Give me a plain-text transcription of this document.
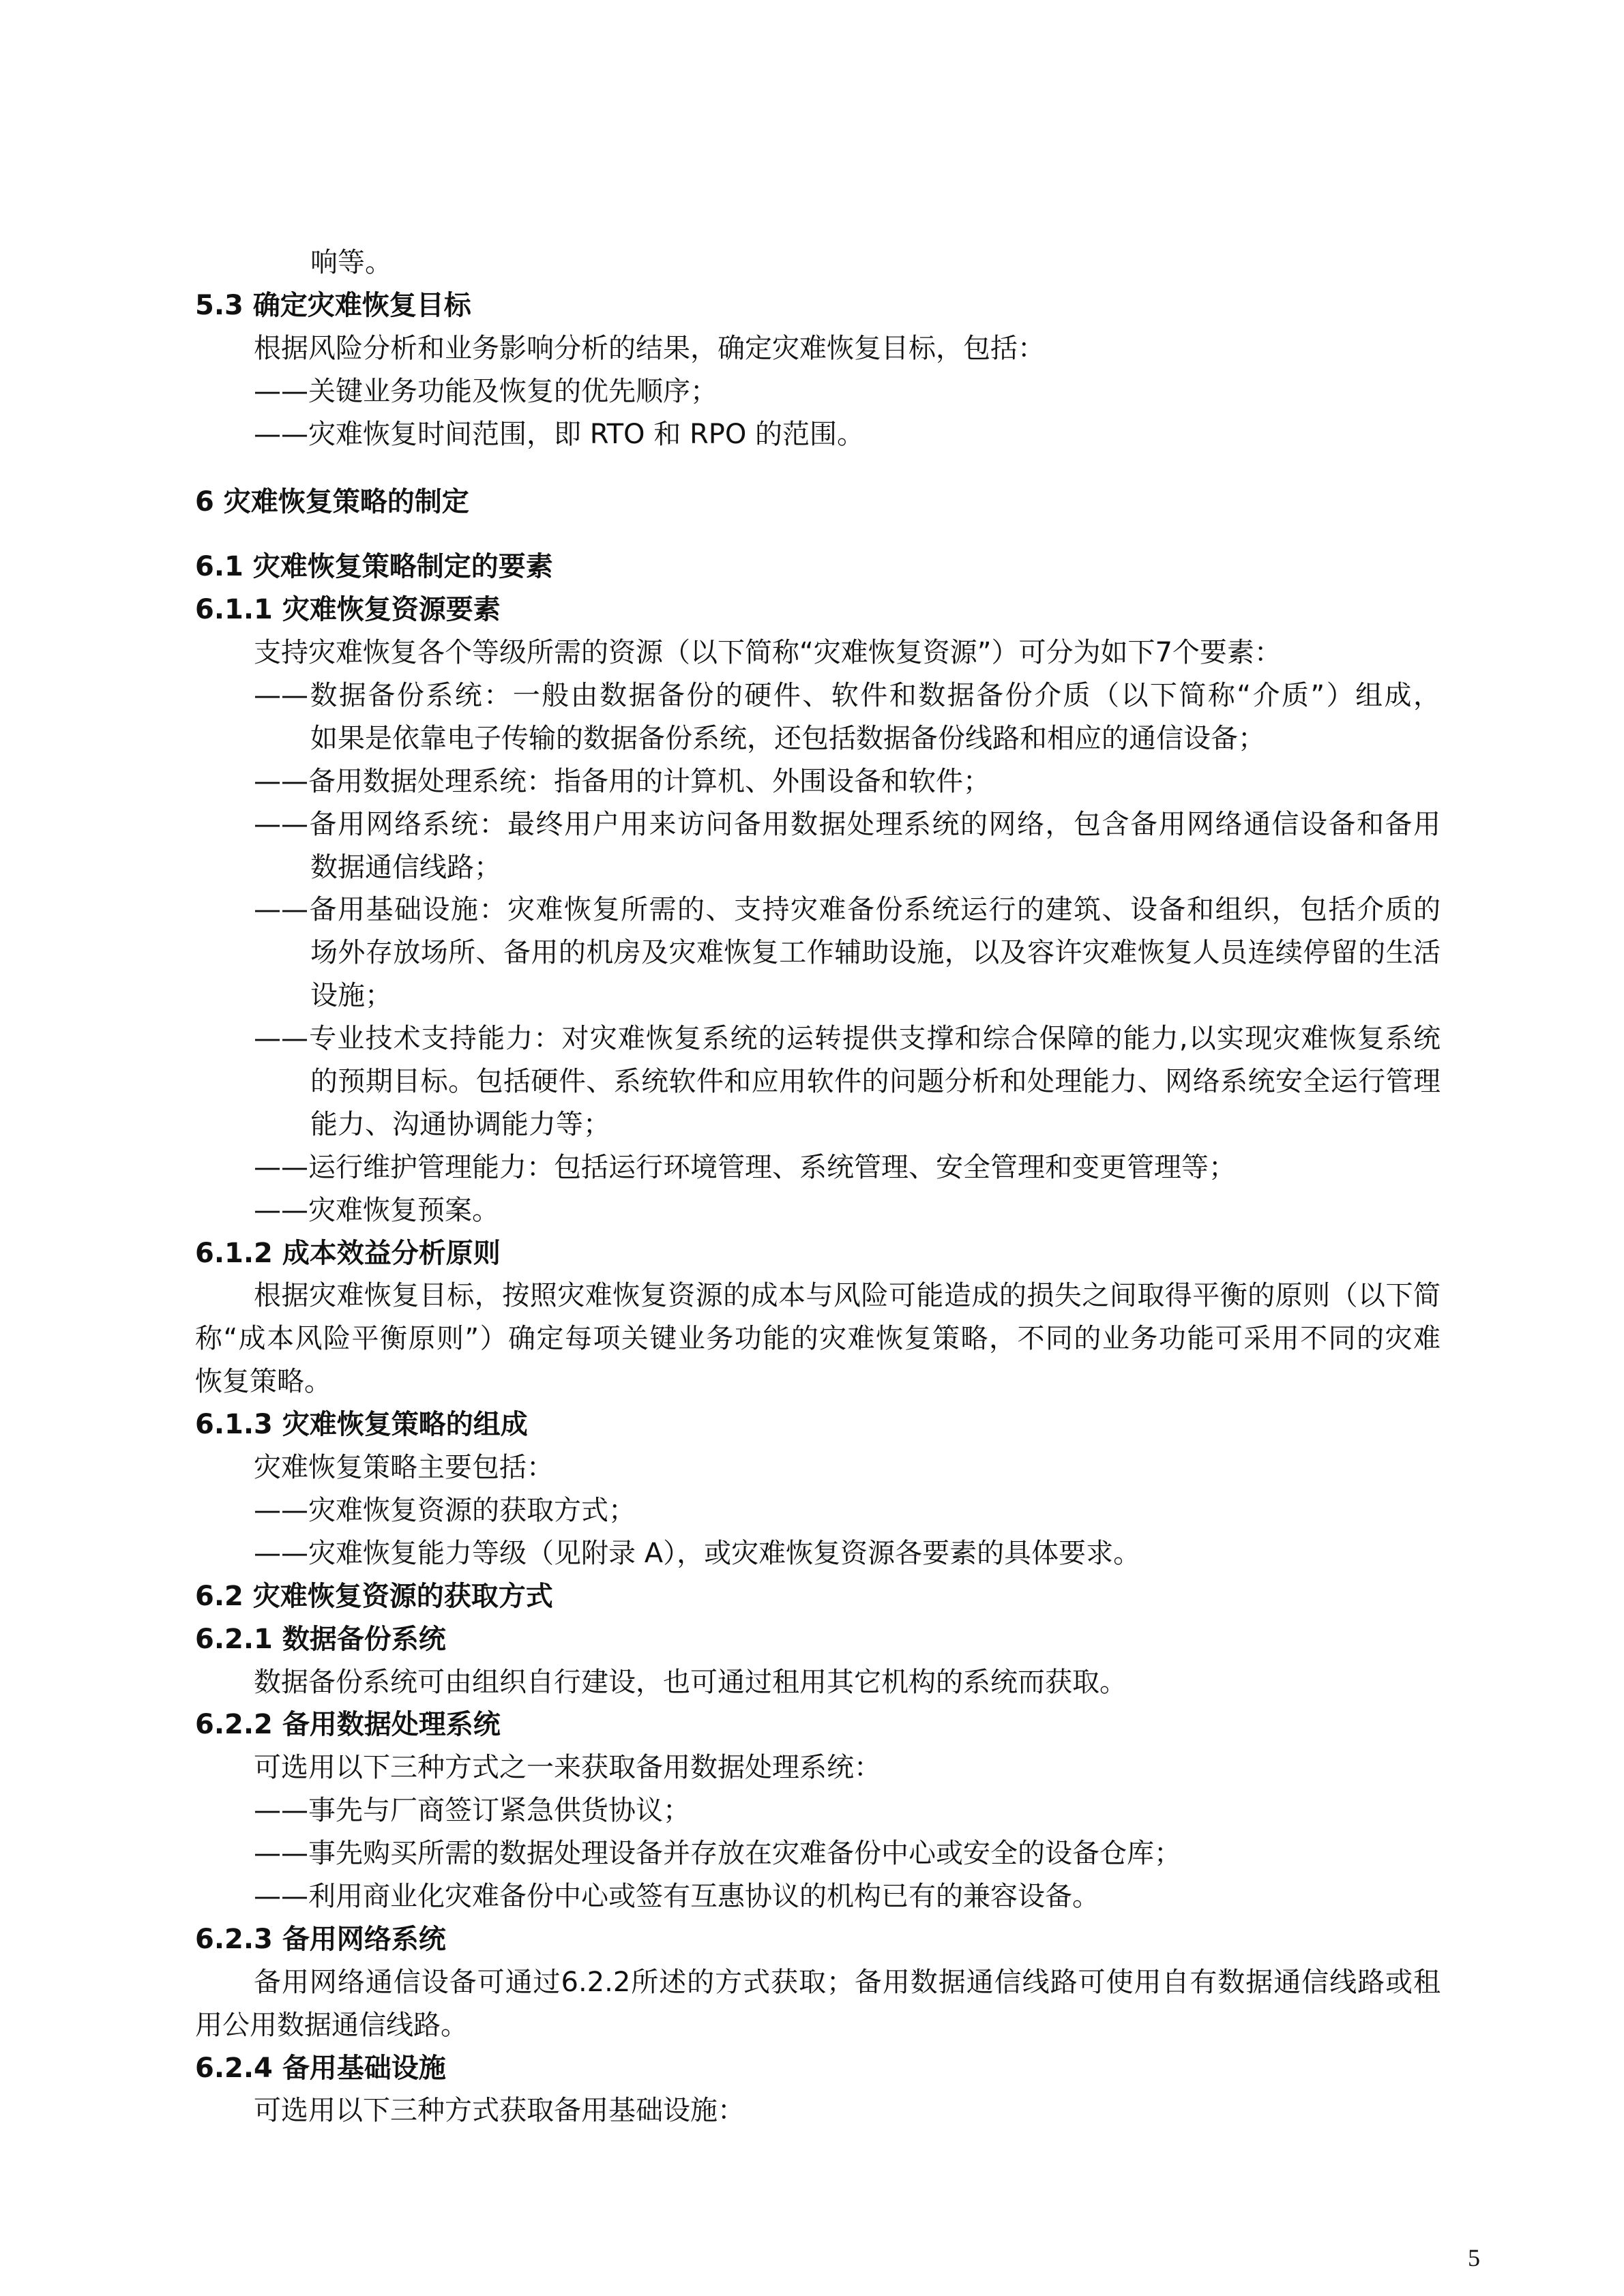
响等。
5.3 确定灾难恢复目标
根据风险分析和业务影响分析的结果，确定灾难恢复目标，包括：
——关键业务功能及恢复的优先顺序；
——灾难恢复时间范围，即 RTO 和 RPO 的范围。
6 灾难恢复策略的制定
6.1 灾难恢复策略制定的要素
6.1.1 灾难恢复资源要素
支持灾难恢复各个等级所需的资源（以下简称“灾难恢复资源”）可分为如下7个要素：
——数据备份系统：一般由数据备份的硬件、软件和数据备份介质（以下简称“介质”）组成，
如果是依靠电子传输的数据备份系统，还包括数据备份线路和相应的通信设备；
——备用数据处理系统：指备用的计算机、外围设备和软件；
——备用网络系统：最终用户用来访问备用数据处理系统的网络，包含备用网络通信设备和备用
数据通信线路；
——备用基础设施：灾难恢复所需的、支持灾难备份系统运行的建筑、设备和组织，包括介质的
场外存放场所、备用的机房及灾难恢复工作辅助设施，以及容许灾难恢复人员连续停留的生活
设施；
——专业技术支持能力：对灾难恢复系统的运转提供支撑和综合保障的能力,以实现灾难恢复系统
的预期目标。包括硬件、系统软件和应用软件的问题分析和处理能力、网络系统安全运行管理
能力、沟通协调能力等；
——运行维护管理能力：包括运行环境管理、系统管理、安全管理和变更管理等；
——灾难恢复预案。
6.1.2 成本效益分析原则
根据灾难恢复目标，按照灾难恢复资源的成本与风险可能造成的损失之间取得平衡的原则（以下简
称“成本风险平衡原则”）确定每项关键业务功能的灾难恢复策略，不同的业务功能可采用不同的灾难
恢复策略。
6.1.3 灾难恢复策略的组成
灾难恢复策略主要包括：
——灾难恢复资源的获取方式；
——灾难恢复能力等级（见附录 A），或灾难恢复资源各要素的具体要求。
6.2 灾难恢复资源的获取方式
6.2.1 数据备份系统
数据备份系统可由组织自行建设，也可通过租用其它机构的系统而获取。
6.2.2 备用数据处理系统
可选用以下三种方式之一来获取备用数据处理系统：
——事先与厂商签订紧急供货协议；
——事先购买所需的数据处理设备并存放在灾难备份中心或安全的设备仓库；
——利用商业化灾难备份中心或签有互惠协议的机构已有的兼容设备。
6.2.3 备用网络系统
备用网络通信设备可通过6.2.2所述的方式获取；备用数据通信线路可使用自有数据通信线路或租
用公用数据通信线路。
6.2.4 备用基础设施
可选用以下三种方式获取备用基础设施：
5
